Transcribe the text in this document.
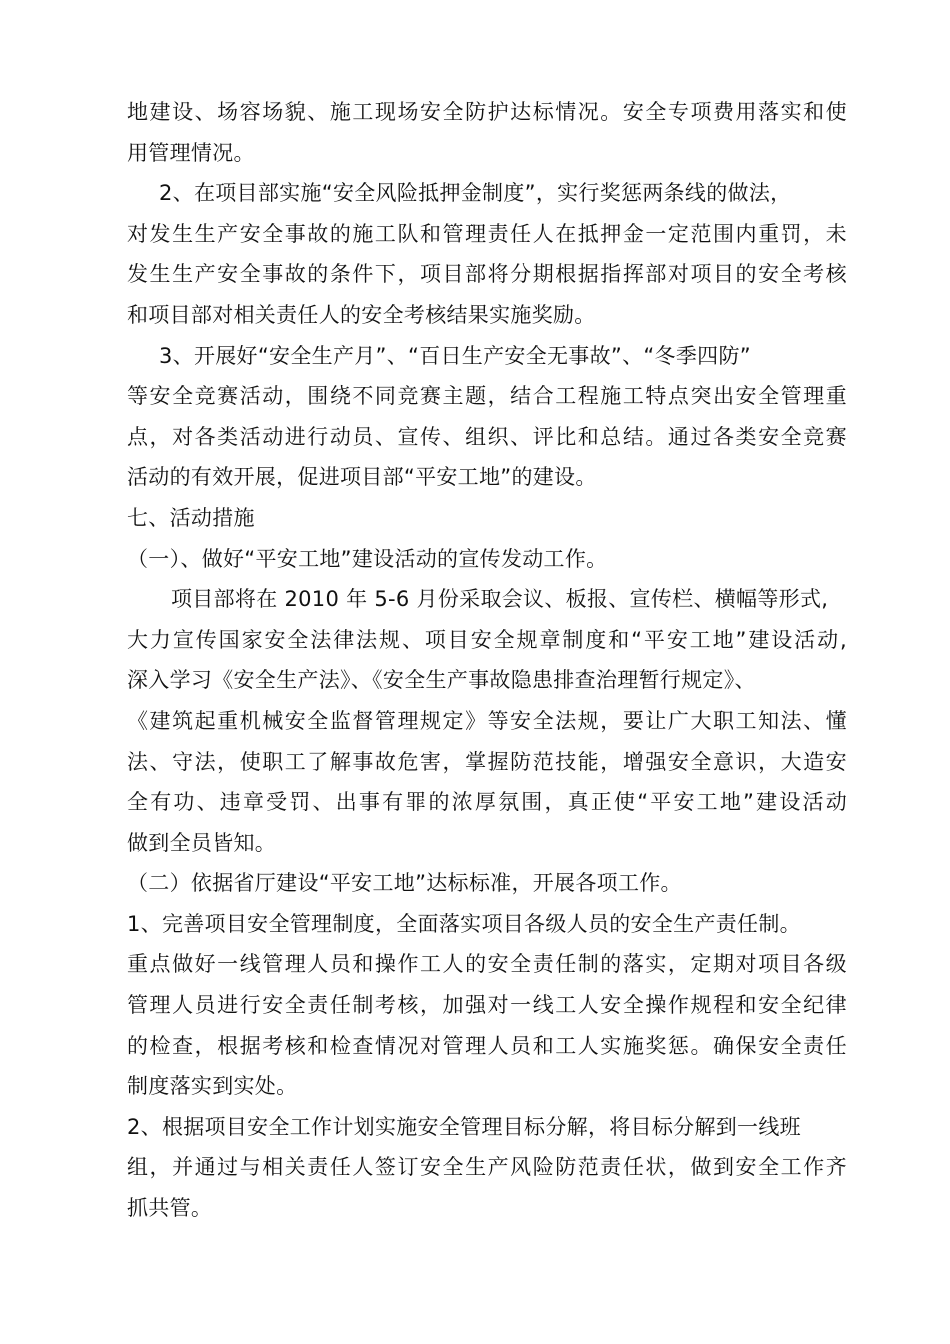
地建设、场容场貌、施工现场安全防护达标情况。安全专项费用落实和使
用管理情况。
2、在项目部实施“安全风险抵押金制度”，实行奖惩两条线的做法，
对发生生产安全事故的施工队和管理责任人在抵押金一定范围内重罚，未
发生生产安全事故的条件下，项目部将分期根据指挥部对项目的安全考核
和项目部对相关责任人的安全考核结果实施奖励。
3、开展好“安全生产月”、“百日生产安全无事故”、“冬季四防”
等安全竞赛活动，围绕不同竞赛主题，结合工程施工特点突出安全管理重
点，对各类活动进行动员、宣传、组织、评比和总结。通过各类安全竞赛
活动的有效开展，促进项目部“平安工地”的建设。
七、活动措施
（一）、做好“平安工地”建设活动的宣传发动工作。
项目部将在 2010 年 5-6 月份采取会议、板报、宣传栏、横幅等形式,
大力宣传国家安全法律法规、项目安全规章制度和“平安工地”建设活动,
深入学习《安全生产法》、《安全生产事故隐患排查治理暂行规定》、
《建筑起重机械安全监督管理规定》等安全法规，要让广大职工知法、懂
法、守法，使职工了解事故危害，掌握防范技能，增强安全意识，大造安
全有功、违章受罚、出事有罪的浓厚氛围，真正使“平安工地”建设活动
做到全员皆知。
（二）依据省厅建设“平安工地”达标标准，开展各项工作。
1、完善项目安全管理制度，全面落实项目各级人员的安全生产责任制。
重点做好一线管理人员和操作工人的安全责任制的落实，定期对项目各级
管理人员进行安全责任制考核，加强对一线工人安全操作规程和安全纪律
的检查，根据考核和检查情况对管理人员和工人实施奖惩。确保安全责任
制度落实到实处。
2、根据项目安全工作计划实施安全管理目标分解，将目标分解到一线班
组，并通过与相关责任人签订安全生产风险防范责任状，做到安全工作齐
抓共管。
